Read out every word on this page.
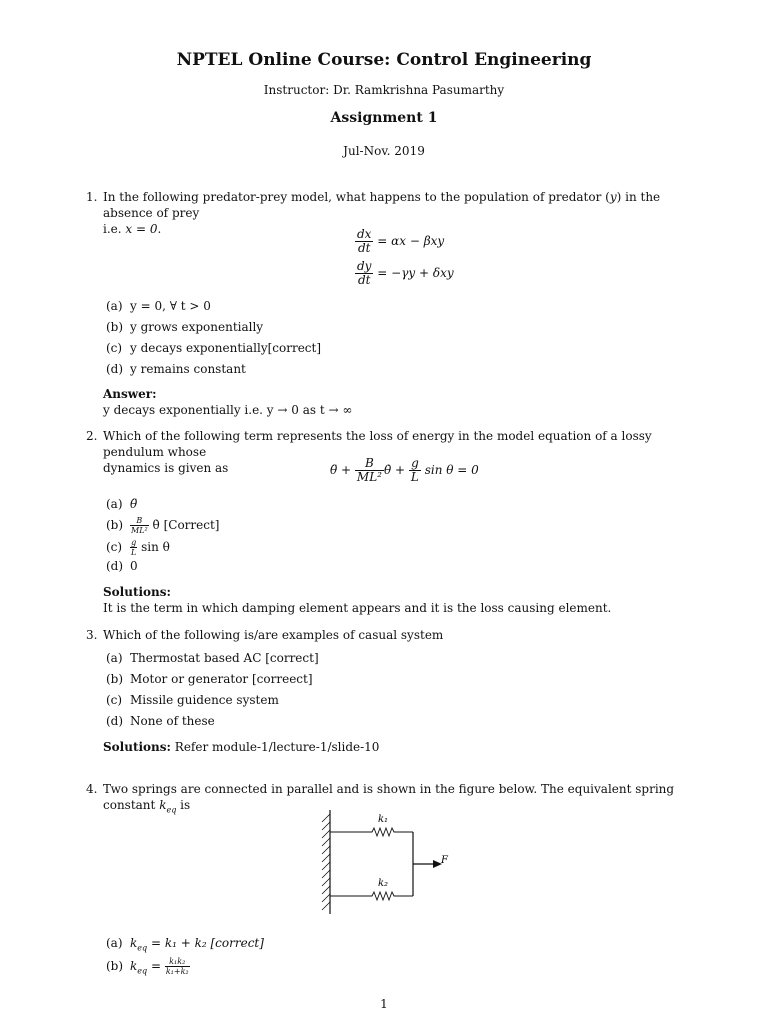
NPTEL Online Course: Control Engineering
Instructor: Dr. Ramkrishna Pasumarthy
Assignment 1
Jul-Nov. 2019
1. In the following predator-prey model, what happens to the population of predator (y) in the absence of prey
i.e. x = 0.	$\frac{dx}{dt} = \alpha x - \beta xy$
$\frac{dy}{dt} = -\gamma y + \delta xy$
(a) y = 0, ∀ t > 0
(b) y grows exponentially
(c) y decays exponentially[correct]
(d) y remains constant
Answer:
y decays exponentially i.e. y → 0 as t → ∞
2. Which of the following term represents the loss of energy in the model equation of a lossy pendulum whose
dynamics is given as	θ̈ + $\frac{B}{\text{ML²}}$ θ̇ + $\frac{g}{L}$ sin θ = 0
(a) θ̈
$(b) \frac{B}{\text{ML²}}$ θ̇ [Correct]
$(c) \frac{g}{L}$ sin θ
(d) 0
Solutions:
It is the term in which damping element appears and it is the loss causing element.
3. Which of the following is/are examples of casual system
(a) Thermostat based AC [correct]
(b) Motor or generator [correect]
(c) Missile guidence system
(d) None of these
Solutions: Refer module-1/lecture-1/slide-10
4. Two springs are connected in parallel and is shown in the figure below. The equivalent spring constant $k_{eq}$ is
k₁
k₂
F
(a) $k_{eq} = k_1 + k_2$ [correct]
(b) $k_{eq} = \frac{\text{k₁k₂}}{\text{k₁+k₂}}$
1
